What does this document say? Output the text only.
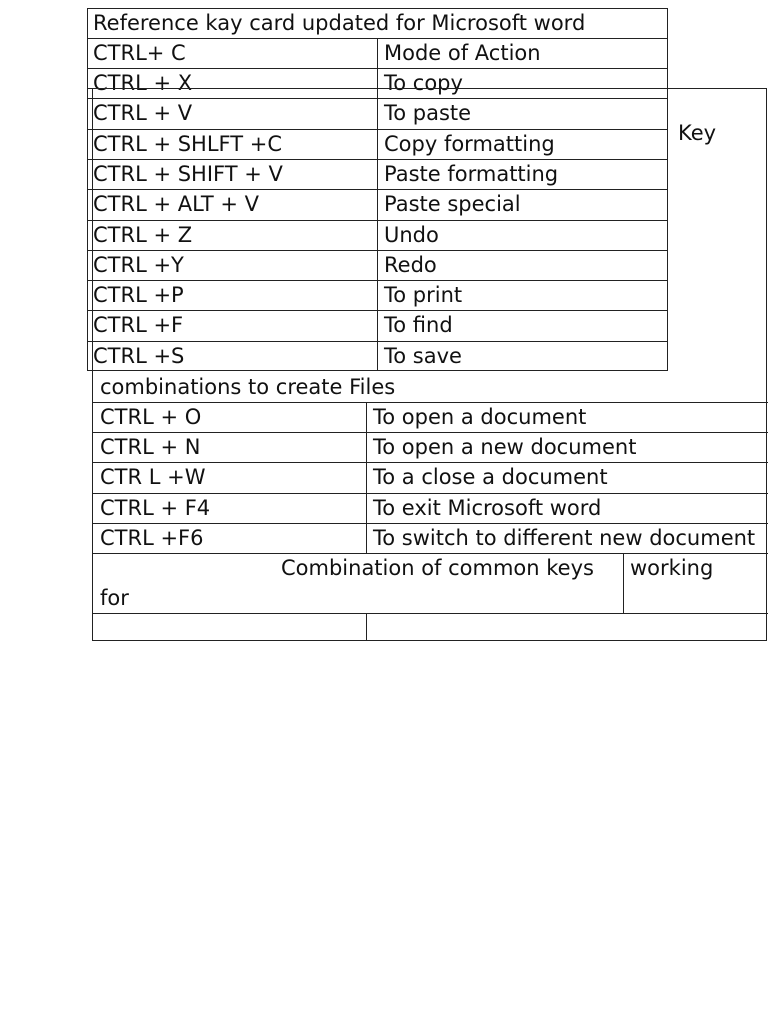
Key
combinations to create Files
CTRL + O	To open a document
CTRL + N	To open a new document
CTR L +W	To a close a document
CTRL + F4	To exit Microsoft word
CTRL +F6	To switch to different new document
Combination of common keys working
for
Reference kay card updated for Microsoft word
CTRL+ C	Mode of Action
CTRL + X	To copy
CTRL + V	To paste
CTRL + SHLFT +C	Copy formatting
CTRL + SHIFT + V	Paste formatting
CTRL + ALT + V	Paste special
CTRL + Z	Undo
CTRL +Y	Redo
CTRL +P	To print
CTRL +F	To find
CTRL +S	To save
